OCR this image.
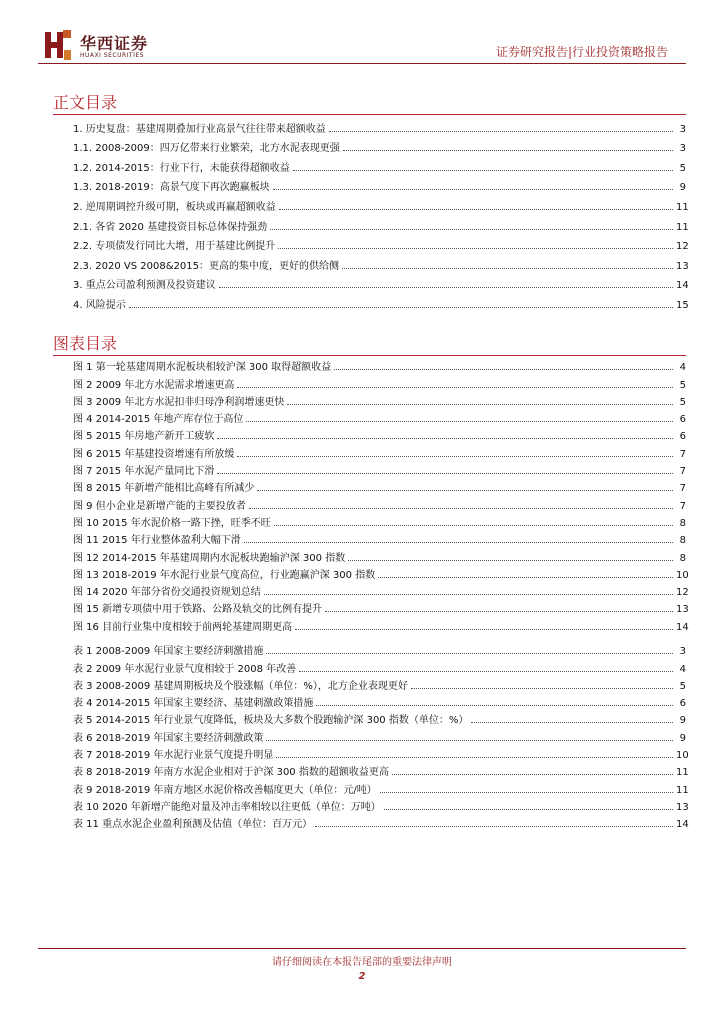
华西证券
HUAXI SECURITIES	证券研究报告|行业投资策略报告
正文目录
1. 历史复盘：基建周期叠加行业高景气往往带来超额收益	3
1.1. 2008-2009：四万亿带来行业繁荣，北方水泥表现更强	3
1.2. 2014-2015：行业下行，未能获得超额收益	5
1.3. 2018-2019：高景气度下再次跑赢板块	9
2. 逆周期调控升级可期，板块或再赢超额收益	11
2.1. 各省 2020 基建投资目标总体保持强劲	11
2.2. 专项债发行同比大增，用于基建比例提升	12
2.3. 2020 VS 2008&2015：更高的集中度，更好的供给侧	13
3. 重点公司盈利预测及投资建议	14
4. 风险提示	15
图表目录
图 1 第一轮基建周期水泥板块相较沪深 300 取得超额收益	4
图 2 2009 年北方水泥需求增速更高	5
图 3 2009 年北方水泥扣非归母净利润增速更快	5
图 4 2014-2015 年地产库存位于高位	6
图 5 2015 年房地产新开工疲软	6
图 6 2015 年基建投资增速有所放缓	7
图 7 2015 年水泥产量同比下滑	7
图 8 2015 年新增产能相比高峰有所减少	7
图 9 但小企业是新增产能的主要投放者	7
图 10 2015 年水泥价格一路下挫，旺季不旺	8
图 11 2015 年行业整体盈利大幅下滑	8
图 12 2014-2015 年基建周期内水泥板块跑输沪深 300 指数	8
图 13 2018-2019 年水泥行业景气度高位，行业跑赢沪深 300 指数	10
图 14 2020 年部分省份交通投资规划总结	12
图 15 新增专项债中用于铁路、公路及轨交的比例有提升	13
图 16 目前行业集中度相较于前两轮基建周期更高	14
表 1 2008-2009 年国家主要经济刺激措施	3
表 2 2009 年水泥行业景气度相较于 2008 年改善	4
表 3 2008-2009 基建周期板块及个股涨幅（单位：%），北方企业表现更好	5
表 4 2014-2015 年国家主要经济、基建刺激政策措施	6
表 5 2014-2015 年行业景气度降低，板块及大多数个股跑输沪深 300 指数（单位：%）	9
表 6 2018-2019 年国家主要经济刺激政策	9
表 7 2018-2019 年水泥行业景气度提升明显	10
表 8 2018-2019 年南方水泥企业相对于沪深 300 指数的超额收益更高	11
表 9 2018-2019 年南方地区水泥价格改善幅度更大（单位：元/吨）	11
表 10 2020 年新增产能绝对量及冲击率相较以往更低（单位：万吨）	13
表 11 重点水泥企业盈利预测及估值（单位：百万元）	14
请仔细阅读在本报告尾部的重要法律声明
2
